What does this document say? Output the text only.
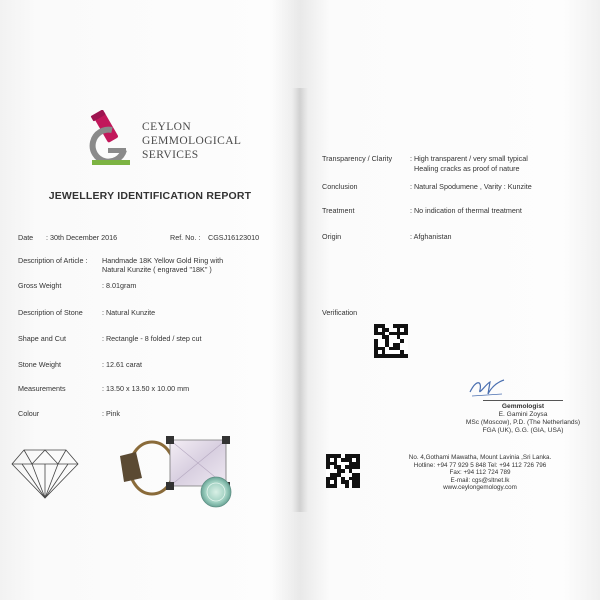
CEYLON
GEMMOLOGICAL
SERVICES
JEWELLERY IDENTIFICATION REPORT
Date : 30th December 2016	Ref. No. : CGSJ16123010
Description of Article : Handmade 18K Yellow Gold Ring with
Natural Kunzite ( engraved "18K" )
Gross Weight	: 8.01gram
Description of Stone	: Natural Kunzite
Shape and Cut	: Rectangle - 8 folded / step cut
Stone Weight	: 12.61 carat
Measurements	: 13.50 x 13.50 x 10.00 mm
Colour	: Pink
Transparency / Clarity : High transparent / very small typical
Healing cracks as proof of nature
Conclusion	: Natural Spodumene , Varity : Kunzite
Treatment	: No indication of thermal treatment
Origin	: Afghanistan
Verification
Gemmologist
E. Gamini Zoysa
MSc (Moscow), P.D. (The Netherlands)
FGA (UK), G.G. (GIA, USA)
No. 4,Gothami Mawatha, Mount Lavinia ,Sri Lanka.
Hotline: +94 77 929 5 848 Tel: +94 112 726 796
Fax: +94 112 724 789
E-mail: cgs@sltnet.lk
www.ceylongemology.com
